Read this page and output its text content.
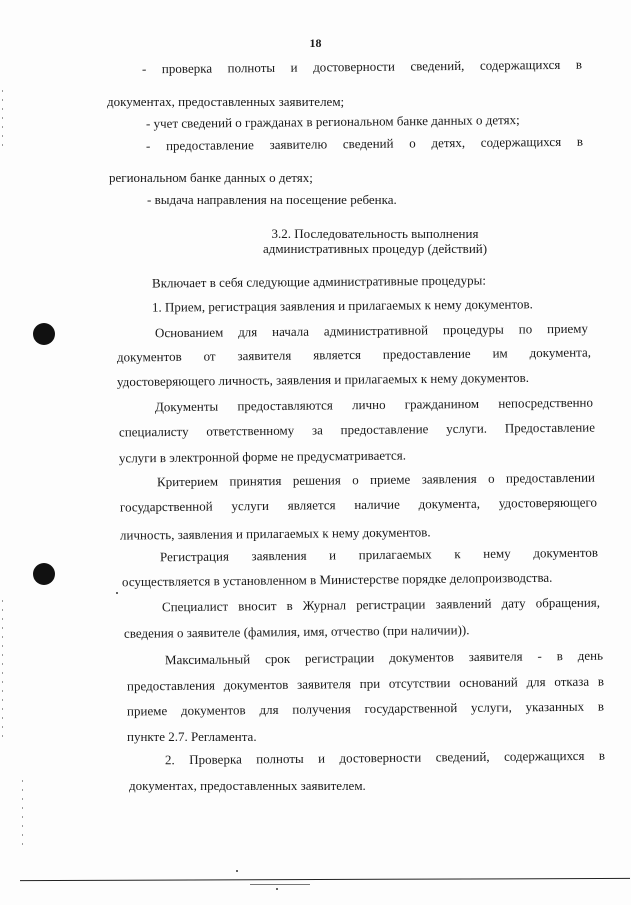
18
- проверка полноты и достоверности сведений, содержащихся в
документах, предоставленных заявителем;
- учет сведений о гражданах в региональном банке данных о детях;
- предоставление заявителю сведений о детях, содержащихся в
региональном банке данных о детях;
- выдача направления на посещение ребенка.
3.2. Последовательность выполнения
административных процедур (действий)
Включает в себя следующие административные процедуры:
1. Прием, регистрация заявления и прилагаемых к нему документов.
Основанием для начала административной процедуры по приему
документов от заявителя является предоставление им документа,
удостоверяющего личность, заявления и прилагаемых к нему документов.
Документы предоставляются лично гражданином непосредственно
специалисту ответственному за предоставление услуги. Предоставление
услуги в электронной форме не предусматривается.
Критерием принятия решения о приеме заявления о предоставлении
государственной услуги является наличие документа, удостоверяющего
личность, заявления и прилагаемых к нему документов.
Регистрация заявления и прилагаемых к нему документов
осуществляется в установленном в Министерстве порядке делопроизводства.
Специалист вносит в Журнал регистрации заявлений дату обращения,
сведения о заявителе (фамилия, имя, отчество (при наличии)).
Максимальный срок регистрации документов заявителя - в день
предоставления документов заявителя при отсутствии оснований для отказа в
приеме документов для получения государственной услуги, указанных в
пункте 2.7. Регламента.
2. Проверка полноты и достоверности сведений, содержащихся в
документах, предоставленных заявителем.
